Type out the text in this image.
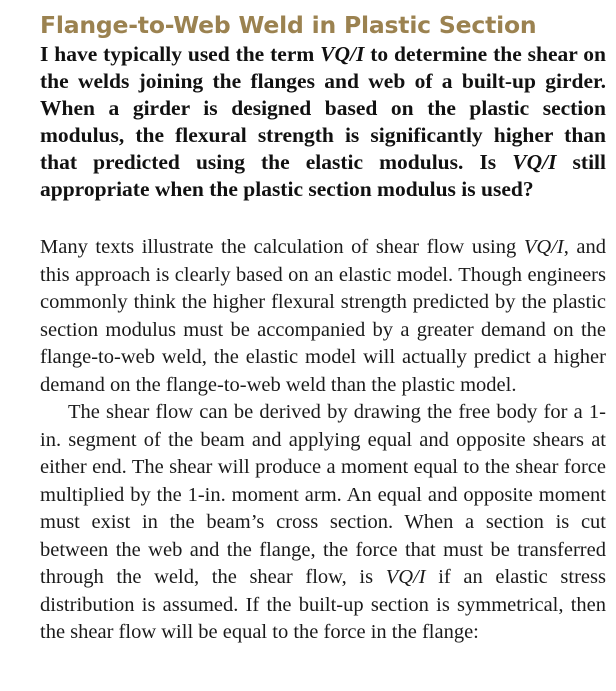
Flange-to-Web Weld in Plastic Section

I have typically used the term VQ/I to determine the shear on the welds joining the flanges and web of a built-up girder. When a girder is designed based on the plastic section modulus, the flexural strength is significantly higher than that predicted using the elastic modulus. Is VQ/I still appropriate when the plastic section modulus is used?

Many texts illustrate the calculation of shear flow using VQ/I, and this approach is clearly based on an elastic model. Though engineers commonly think the higher flexural strength predicted by the plastic section modulus must be accompanied by a greater demand on the flange-to-web weld, the elastic model will actually predict a higher demand on the flange-to-web weld than the plastic model.

The shear flow can be derived by drawing the free body for a 1-in. segment of the beam and applying equal and opposite shears at either end. The shear will produce a moment equal to the shear force multiplied by the 1-in. moment arm. An equal and opposite moment must exist in the beam’s cross section. When a section is cut between the web and the flange, the force that must be transferred through the weld, the shear flow, is VQ/I if an elastic stress distribution is assumed. If the built-up section is symmetrical, then the shear flow will be equal to the force in the flange:
